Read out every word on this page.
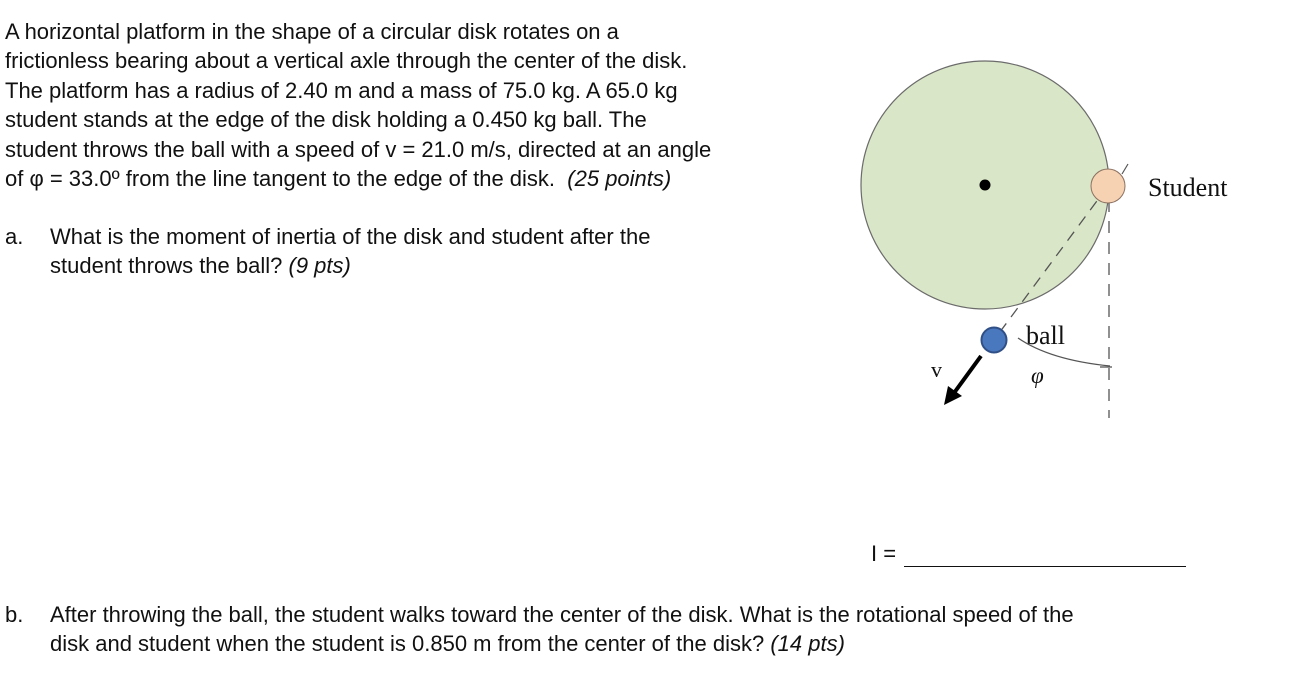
A horizontal platform in the shape of a circular disk rotates on a
frictionless bearing about a vertical axle through the center of the disk.
The platform has a radius of 2.40 m and a mass of 75.0 kg. A 65.0 kg
student stands at the edge of the disk holding a 0.450 kg ball. The
student throws the ball with a speed of v = 21.0 m/s, directed at an angle
of φ = 33.0º from the line tangent to the edge of the disk. (25 points)
a. What is the moment of inertia of the disk and student after the
student throws the ball? (9 pts)
Student
ball
v	φ
I =
b. After throwing the ball, the student walks toward the center of the disk. What is the rotational speed of the
disk and student when the student is 0.850 m from the center of the disk? (14 pts)
